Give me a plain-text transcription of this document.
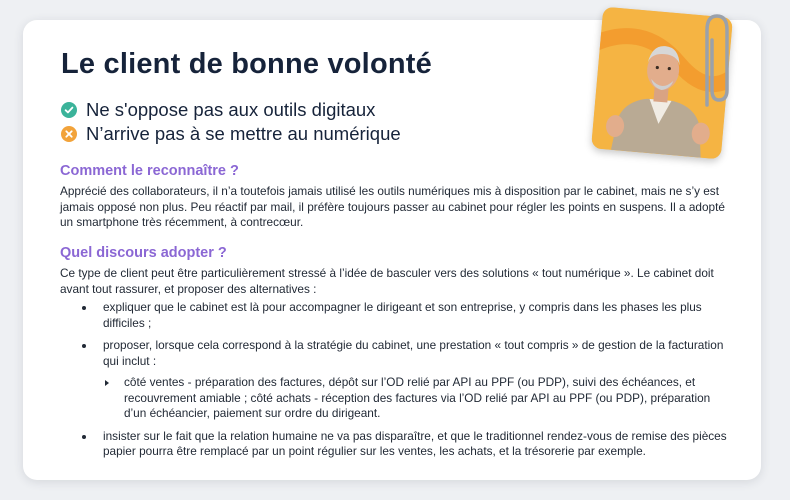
Le client de bonne volonté
Ne s'oppose pas aux outils digitaux
N’arrive pas à se mettre au numérique
Comment le reconnaître ?

Apprécié des collaborateurs, il n’a toutefois jamais utilisé les outils numériques mis à disposition par le cabinet, mais ne s’y est jamais opposé non plus. Peu réactif par mail, il préfère toujours passer au cabinet pour régler les points en suspens. Il a adopté un smartphone très récemment, à contrecœur.

Quel discours adopter ?

Ce type de client peut être particulièrement stressé à l’idée de basculer vers des solutions « tout numérique ». Le cabinet doit avant tout rassurer, et proposer des alternatives :

expliquer que le cabinet est là pour accompagner le dirigeant et son entreprise, y compris dans les phases les plus difficiles ;
proposer, lorsque cela correspond à la stratégie du cabinet, une prestation « tout compris » de gestion de la facturation qui inclut :
côté ventes - préparation des factures, dépôt sur l’OD relié par API au PPF (ou PDP), suivi des échéances, et recouvrement amiable ; côté achats - réception des factures via l’OD relié par API au PPF (ou PDP), préparation d’un échéancier, paiement sur ordre du dirigeant.
insister sur le fait que la relation humaine ne va pas disparaître, et que le traditionnel rendez-vous de remise des pièces papier pourra être remplacé par un point régulier sur les ventes, les achats, et la trésorerie par exemple.
